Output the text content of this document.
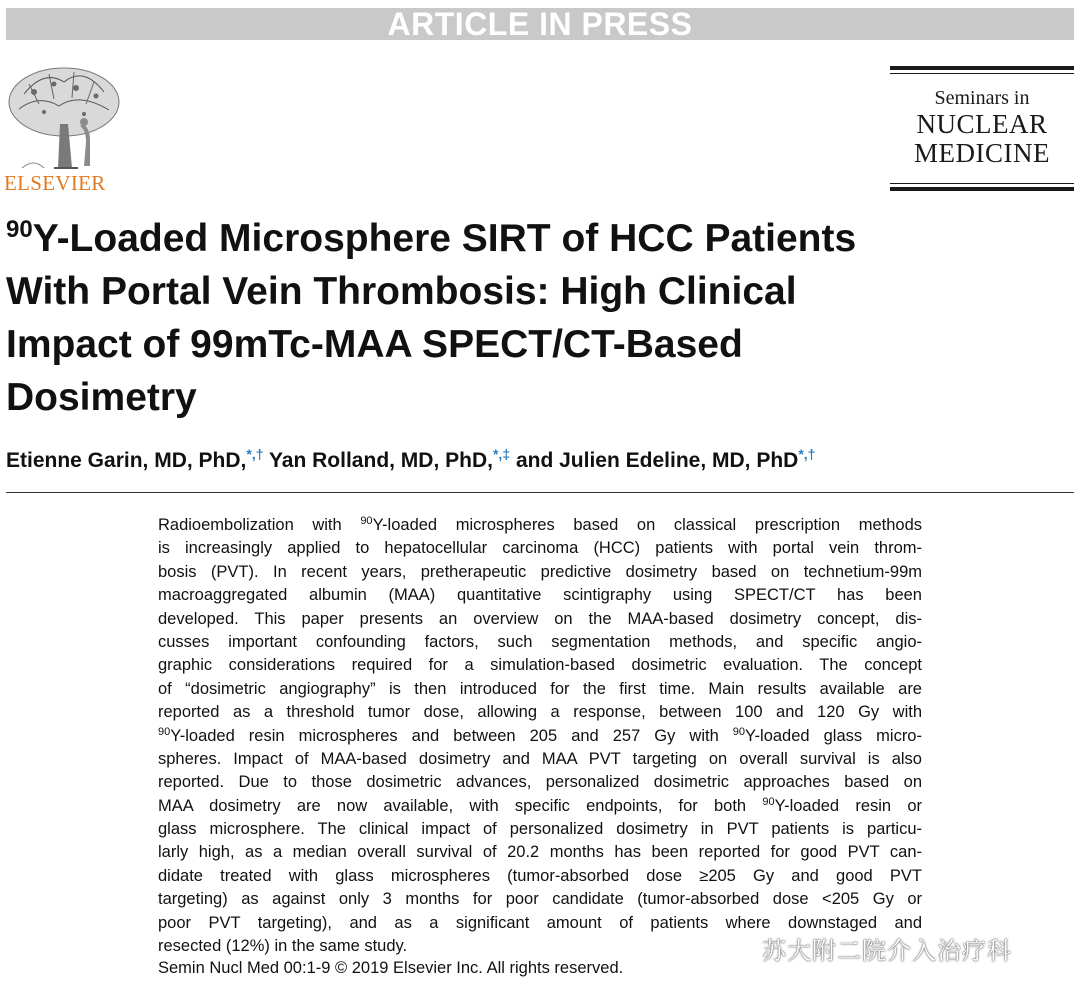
ARTICLE IN PRESS
ELSEVIER
Seminars in
NUCLEAR
MEDICINE
$^{90}$Y-Loaded Microsphere SIRT of HCC Patients
With Portal Vein Thrombosis: High Clinical
Impact of 99mTc-MAA SPECT/CT-Based
Dosimetry
Etienne Garin, MD, PhD,*,† Yan Rolland, MD, PhD,*,‡ and Julien Edeline, MD, PhD*,†
Radioembolization with $^{90}$Y-loaded microspheres based on classical prescription methods
is increasingly applied to hepatocellular carcinoma (HCC) patients with portal vein throm-
bosis (PVT). In recent years, pretherapeutic predictive dosimetry based on technetium-99m
macroaggregated albumin (MAA) quantitative scintigraphy using SPECT/CT has been
developed. This paper presents an overview on the MAA-based dosimetry concept, dis-
cusses important confounding factors, such segmentation methods, and specific angio-
graphic considerations required for a simulation-based dosimetric evaluation. The concept
of “dosimetric angiography” is then introduced for the first time. Main results available are
reported as a threshold tumor dose, allowing a response, between 100 and 120 Gy with
$^{90}$Y-loaded resin microspheres and between 205 and 257 Gy with $^{90}$Y-loaded glass micro-
spheres. Impact of MAA-based dosimetry and MAA PVT targeting on overall survival is also
reported. Due to those dosimetric advances, personalized dosimetric approaches based on
MAA dosimetry are now available, with specific endpoints, for both $^{90}$Y-loaded resin or
glass microsphere. The clinical impact of personalized dosimetry in PVT patients is particu-
larly high, as a median overall survival of 20.2 months has been reported for good PVT can-
didate treated with glass microspheres (tumor-absorbed dose ≥205 Gy and good PVT
targeting) as against only 3 months for poor candidate (tumor-absorbed dose <205 Gy or
poor PVT targeting), and as a significant amount of patients where downstaged and
resected (12%) in the same study.
Semin Nucl Med 00:1-9 © 2019 Elsevier Inc. All rights reserved.
苏大附二院介入治疗科
